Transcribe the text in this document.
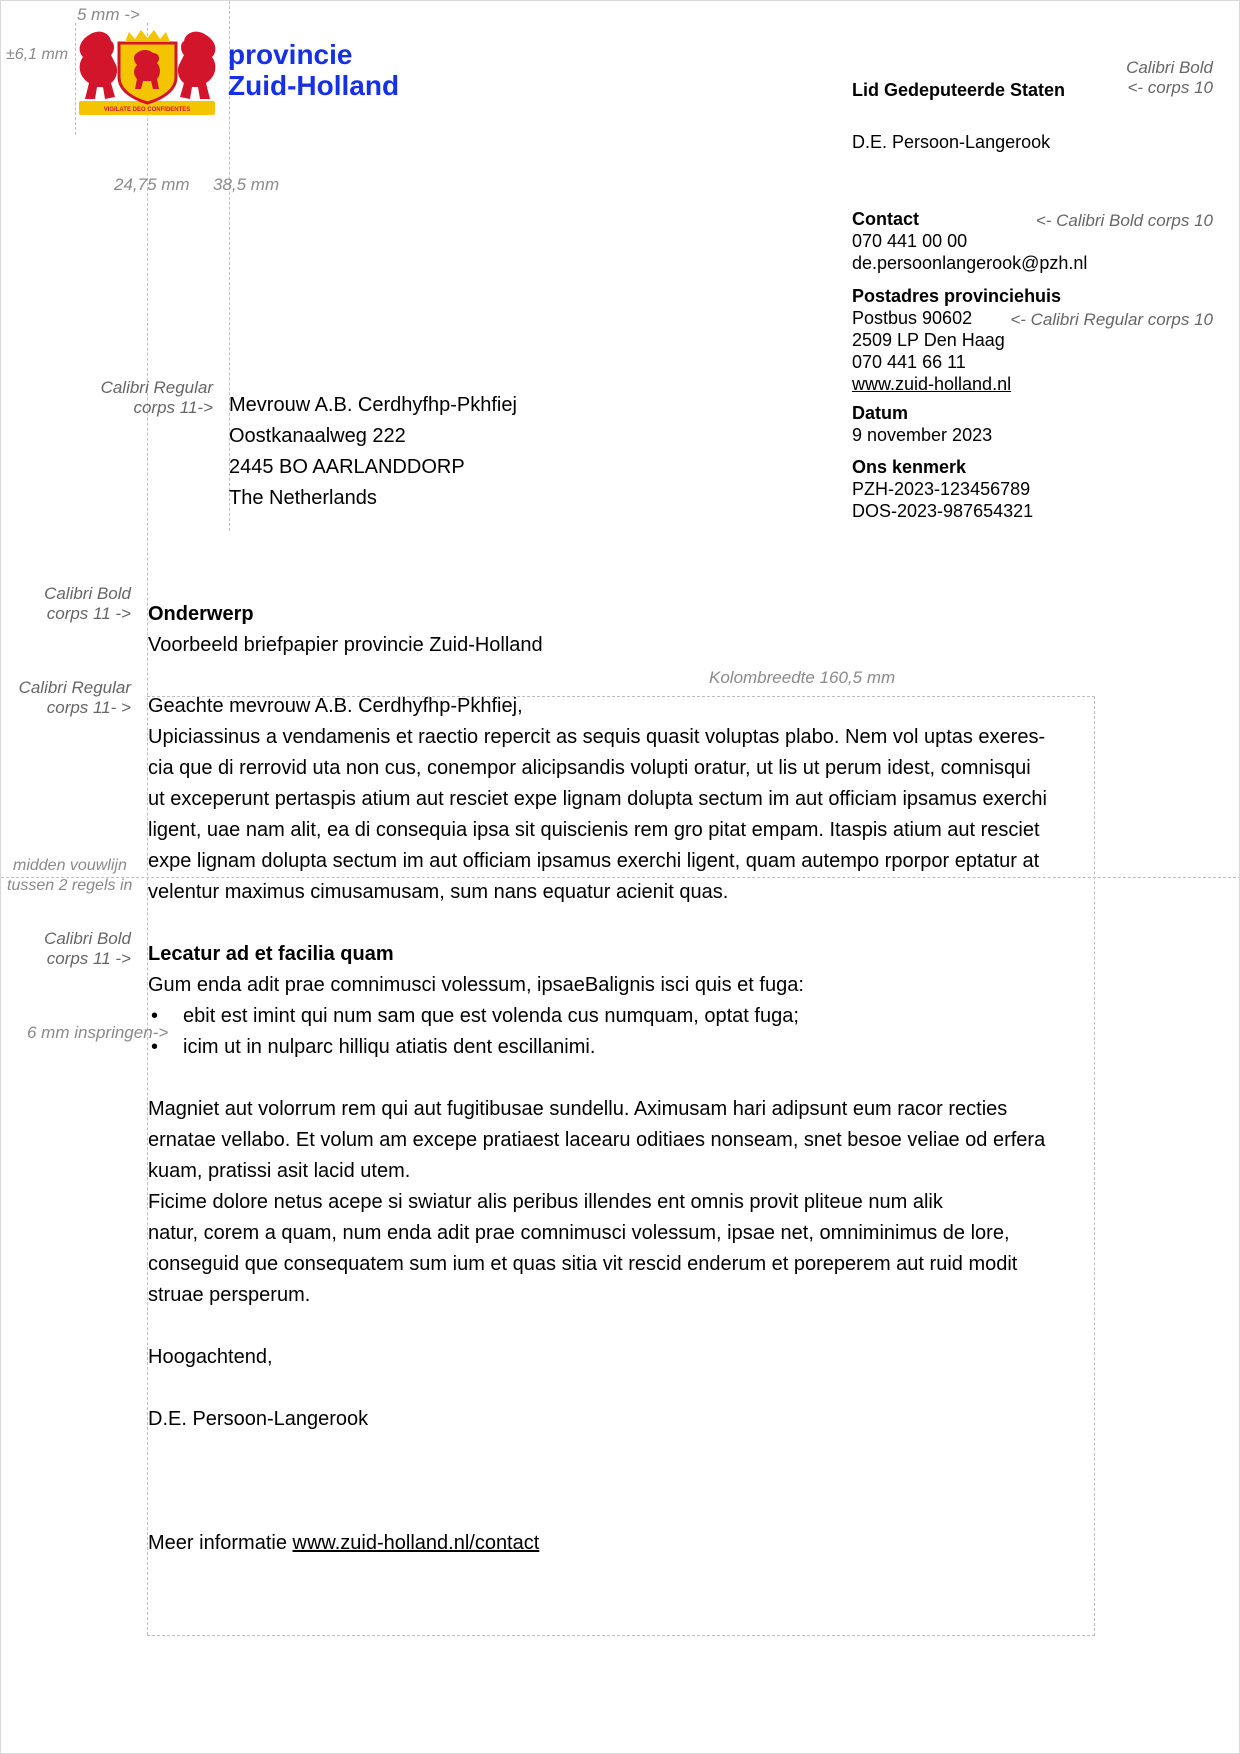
VIGILATE DEO CONFIDENTES
provincie
Zuid-Holland
5 mm ->
±6,1 mm
24,75 mm 38,5 mm
Calibri Bold
<- corps 10
<- Calibri Bold corps 10
<- Calibri Regular corps 10
Lid Gedeputeerde Staten
D.E. Persoon-Langerook
Contact
070 441 00 00
de.persoonlangerook@pzh.nl
Postadres provinciehuis
Postbus 90602
2509 LP Den Haag
070 441 66 11
www.zuid-holland.nl
Datum
9 november 2023
Ons kenmerk
PZH-2023-123456789
DOS-2023-987654321
Calibri Regular
corps 11-> Mevrouw A.B. Cerdhyfhp-Pkhfiej
Oostkanaalweg 222
2445 BO AARLANDDORP
The Netherlands
Calibri Bold
corps 11 -> Onderwerp
Voorbeeld briefpapier provincie Zuid-Holland
Kolombreedte 160,5 mm
Calibri Regular
corps 11- >
midden vouwlijn
tussen 2 regels in
Calibri Bold
corps 11 ->
6 mm inspringen->
Geachte mevrouw A.B. Cerdhyfhp-Pkhfiej,
Upiciassinus a vendamenis et raectio repercit as sequis quasit voluptas plabo. Nem vol uptas exeres-
cia que di rerrovid uta non cus, conempor alicipsandis volupti oratur, ut lis ut perum idest, comnisqui
ut exceperunt pertaspis atium aut resciet expe lignam dolupta sectum im aut officiam ipsamus exerchi
ligent, uae nam alit, ea di consequia ipsa sit quiscienis rem gro pitat empam. Itaspis atium aut resciet
expe lignam dolupta sectum im aut officiam ipsamus exerchi ligent, quam autempo rporpor eptatur at
velentur maximus cimusamusam, sum nans equatur acienit quas.
Lecatur ad et facilia quam
Gum enda adit prae comnimusci volessum, ipsaeBalignis isci quis et fuga:
• ebit est imint qui num sam que est volenda cus numquam, optat fuga;
• icim ut in nulparc hilliqu atiatis dent escillanimi.
Magniet aut volorrum rem qui aut fugitibusae sundellu. Aximusam hari adipsunt eum racor recties
ernatae vellabo. Et volum am excepe pratiaest lacearu oditiaes nonseam, snet besoe veliae od erfera
kuam, pratissi asit lacid utem.
Ficime dolore netus acepe si swiatur alis peribus illendes ent omnis provit pliteue num alik
natur, corem a quam, num enda adit prae comnimusci volessum, ipsae net, omniminimus de lore,
conseguid que consequatem sum ium et quas sitia vit rescid enderum et poreperem aut ruid modit
struae persperum.
Hoogachtend,
D.E. Persoon-Langerook
Meer informatie www.zuid-holland.nl/contact
